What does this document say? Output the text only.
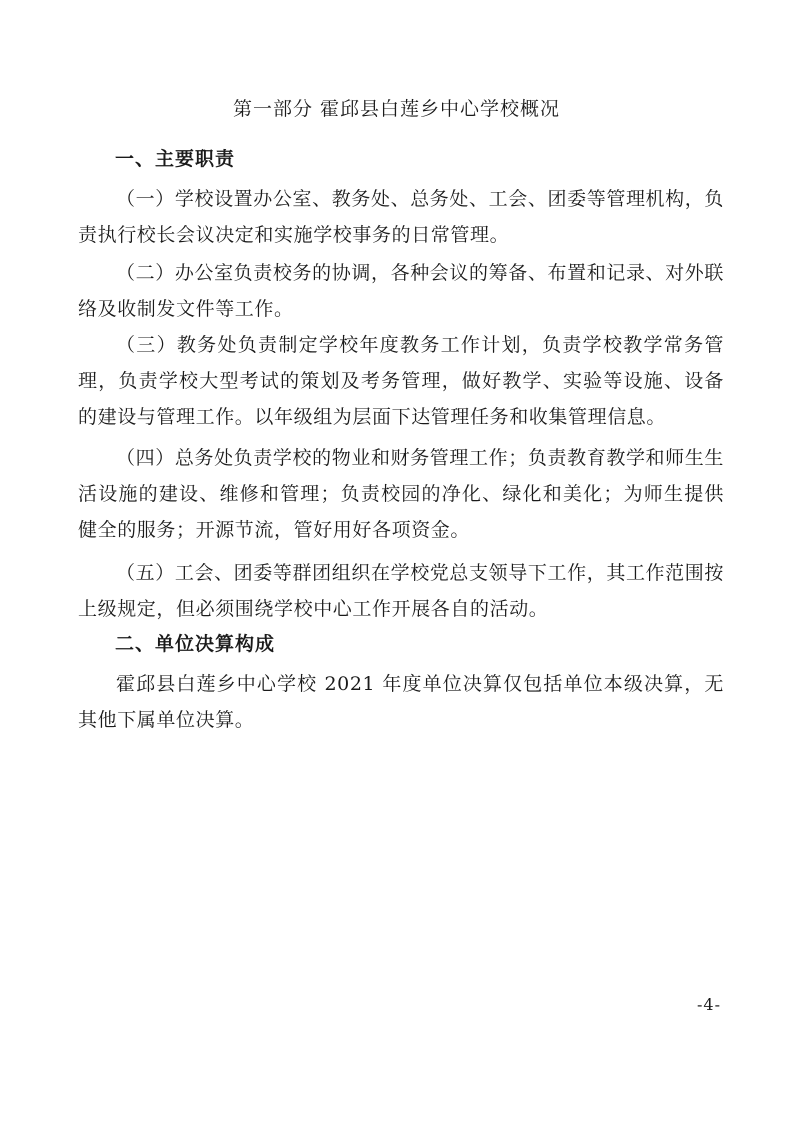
第一部分 霍邱县白莲乡中心学校概况
一、主要职责

（一）学校设置办公室、教务处、总务处、工会、团委等管理机构，负责执行校长会议决定和实施学校事务的日常管理。

（二）办公室负责校务的协调，各种会议的筹备、布置和记录、对外联络及收制发文件等工作。

（三）教务处负责制定学校年度教务工作计划，负责学校教学常务管理，负责学校大型考试的策划及考务管理，做好教学、实验等设施、设备的建设与管理工作。以年级组为层面下达管理任务和收集管理信息。

（四）总务处负责学校的物业和财务管理工作；负责教育教学和师生生活设施的建设、维修和管理；负责校园的净化、绿化和美化；为师生提供健全的服务；开源节流，管好用好各项资金。

（五）工会、团委等群团组织在学校党总支领导下工作，其工作范围按上级规定，但必须围绕学校中心工作开展各自的活动。

二、单位决算构成

霍邱县白莲乡中心学校 2021 年度单位决算仅包括单位本级决算，无其他下属单位决算。

-4-
